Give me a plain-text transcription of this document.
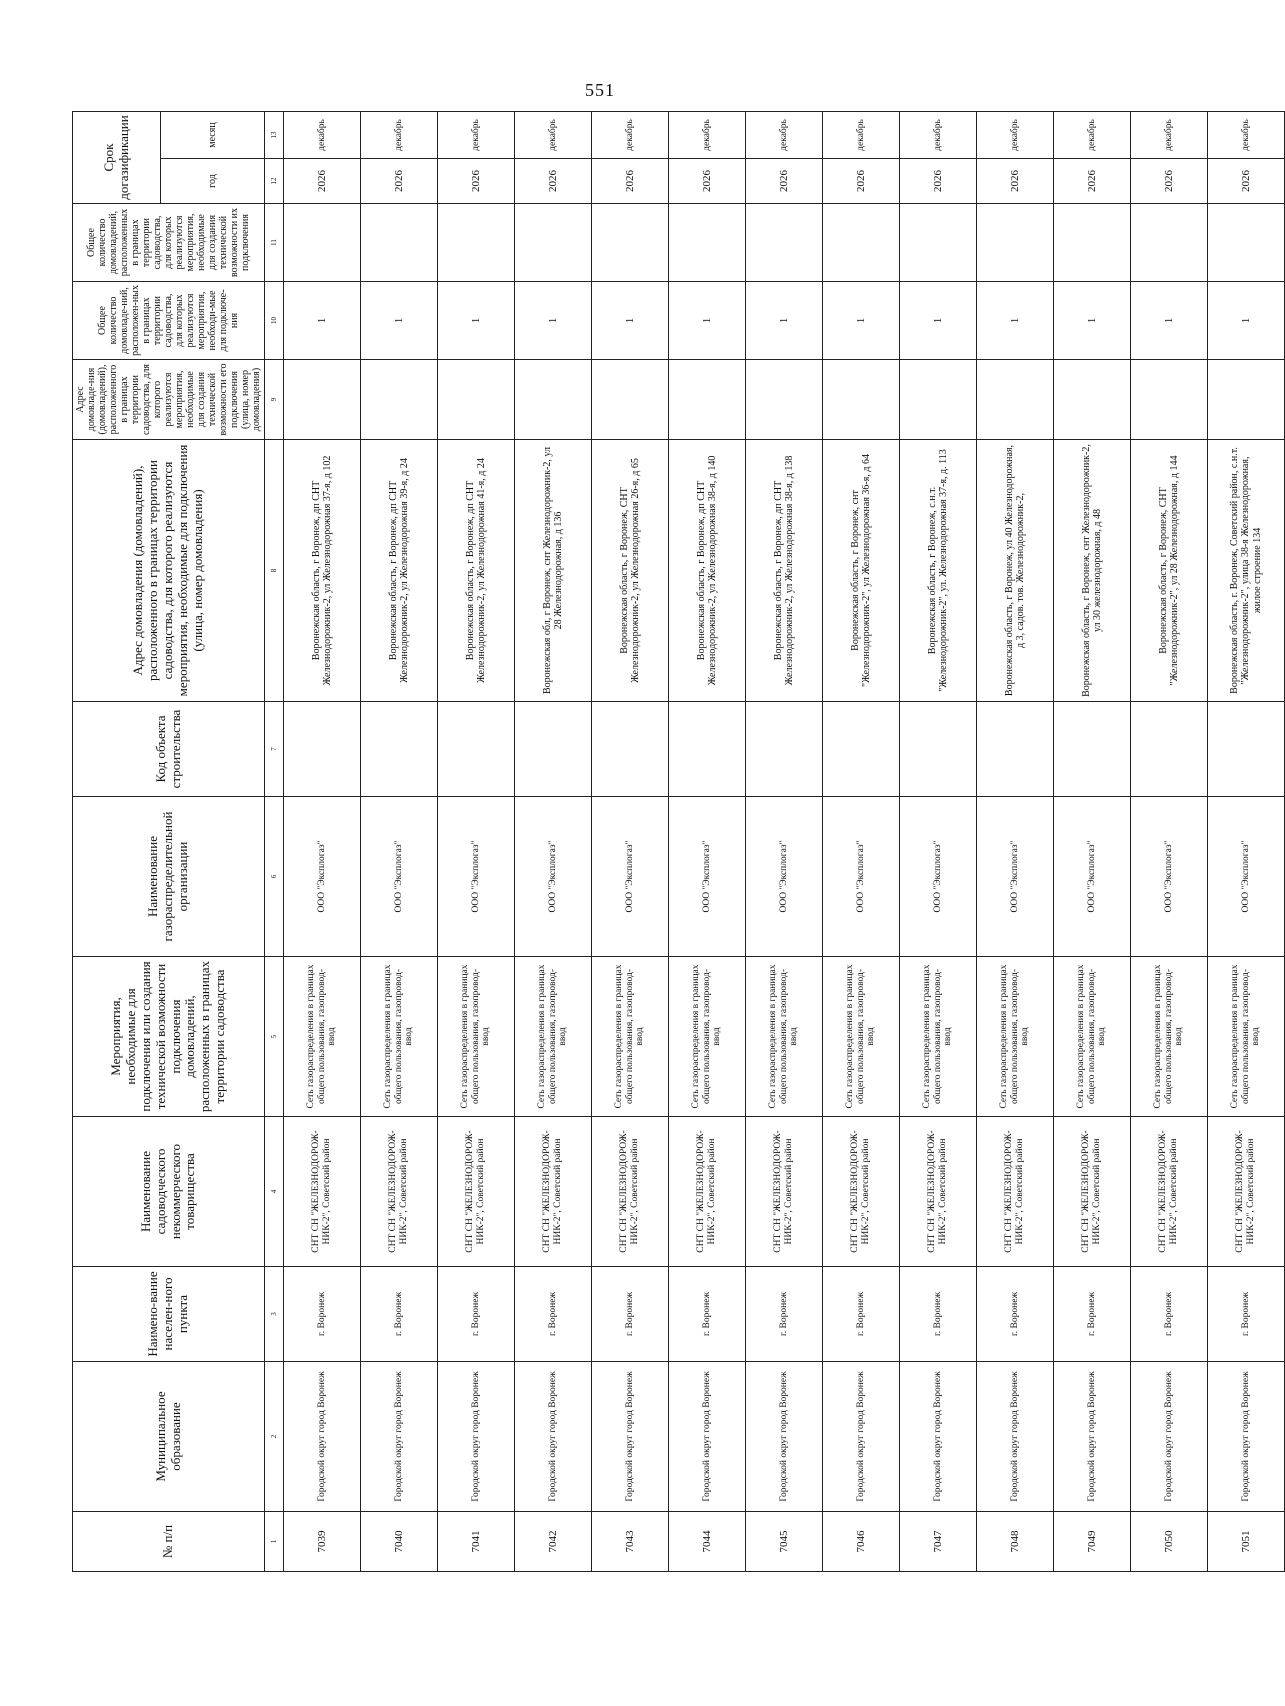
551
№ п/п	Муниципальное образование	Наимено-вание населен-ного пункта	Наименование садоводческого некоммерческого товарищества	Мероприятия, необходимые для подключения или создания технической возможности подключения домовладений, расположенных в границах территории садоводства	Наименование газораспределительной организации	Код объекта строительства	Адрес домовладения (домовладений), расположенного в границах территории садоводства, для которого реализуются мероприятия, необходимые для подключения (улица, номер домовладения)	Адрес домовладе-ния (домовладений), расположенного в границах территории садоводства, для которого реализуются мероприятия, необходимые для создания технической возможности его подключения (улица, номер домовладения)	Общее количество домовладе-ний, расположен-ных в границах территории садоводства, для которых реализуются мероприятия, необходи-мые для подключе-ния	Общее количество домовладений, расположенных в границах территории садоводства, для которых реализуются мероприятия, необходимые для создания технической возможности их подключения	Срок догазификации	
											год	месяц
1	2	3	4	5	6	7	8	9	10	11	12	13
7039	Городской округ город Воронеж	г. Воронеж	СНТ СН "ЖЕЛЕЗНОДОРОЖ-НИК-2", Советский район	Сеть газораспределения в границах общего пользования, газопровод-ввод	ООО "Эксплогаз"		Воронежская область, г Воронеж, дп СНТ Железнодорожник-2, ул Железнодорожная 37-я, д 102		1		2026	декабрь
7040	Городской округ город Воронеж	г. Воронеж	СНТ СН "ЖЕЛЕЗНОДОРОЖ-НИК-2", Советский район	Сеть газораспределения в границах общего пользования, газопровод-ввод	ООО "Эксплогаз"		Воронежская область, г Воронеж, дп СНТ Железнодорожник-2, ул Железнодорожная 39-я, д 24		1		2026	декабрь
7041	Городской округ город Воронеж	г. Воронеж	СНТ СН "ЖЕЛЕЗНОДОРОЖ-НИК-2", Советский район	Сеть газораспределения в границах общего пользования, газопровод-ввод	ООО "Эксплогаз"		Воронежская область, г Воронеж, дп СНТ Железнодорожник-2, ул Железнодорожная 41-я, д 24		1		2026	декабрь
7042	Городской округ город Воронеж	г. Воронеж	СНТ СН "ЖЕЛЕЗНОДОРОЖ-НИК-2", Советский район	Сеть газораспределения в границах общего пользования, газопровод-ввод	ООО "Эксплогаз"		Воронежская обл, г Воронеж, снт Железнодорожник-2, ул 28 Железнодорожная, д 136		1		2026	декабрь
7043	Городской округ город Воронеж	г. Воронеж	СНТ СН "ЖЕЛЕЗНОДОРОЖ-НИК-2", Советский район	Сеть газораспределения в границах общего пользования, газопровод-ввод	ООО "Эксплогаз"		Воронежская область, г Воронеж, СНТ Железнодорожник-2, ул Железнодорожная 26-я, д 65		1		2026	декабрь
7044	Городской округ город Воронеж	г. Воронеж	СНТ СН "ЖЕЛЕЗНОДОРОЖ-НИК-2", Советский район	Сеть газораспределения в границах общего пользования, газопровод-ввод	ООО "Эксплогаз"		Воронежская область, г Воронеж, дп СНТ Железнодорожник-2, ул Железнодорожная 38-я, д 140		1		2026	декабрь
7045	Городской округ город Воронеж	г. Воронеж	СНТ СН "ЖЕЛЕЗНОДОРОЖ-НИК-2", Советский район	Сеть газораспределения в границах общего пользования, газопровод-ввод	ООО "Эксплогаз"		Воронежская область, г Воронеж, дп СНТ Железнодорожник-2, ул Железнодорожная 38-я, д 138		1		2026	декабрь
7046	Городской округ город Воронеж	г. Воронеж	СНТ СН "ЖЕЛЕЗНОДОРОЖ-НИК-2", Советский район	Сеть газораспределения в границах общего пользования, газопровод-ввод	ООО "Эксплогаз"		Воронежская область, г Воронеж, снт "Железнодорожник-2", ул Железнодорожная 36-я, д 64		1		2026	декабрь
7047	Городской округ город Воронеж	г. Воронеж	СНТ СН "ЖЕЛЕЗНОДОРОЖ-НИК-2", Советский район	Сеть газораспределения в границах общего пользования, газопровод-ввод	ООО "Эксплогаз"		Воронежская область, г Воронеж, с.н.т. "Железнодорожник-2", ул. Железнодорожная 37-я, д. 113		1		2026	декабрь
7048	Городской округ город Воронеж	г. Воронеж	СНТ СН "ЖЕЛЕЗНОДОРОЖ-НИК-2", Советский район	Сеть газораспределения в границах общего пользования, газопровод-ввод	ООО "Эксплогаз"		Воронежская область, г Воронеж, ул 40 Железнодорожная, д 3, садов. тов. Железнодорожник-2,		1		2026	декабрь
7049	Городской округ город Воронеж	г. Воронеж	СНТ СН "ЖЕЛЕЗНОДОРОЖ-НИК-2", Советский район	Сеть газораспределения в границах общего пользования, газопровод-ввод	ООО "Эксплогаз"		Воронежская область, г Воронеж, снт Железнодорожник-2, ул 30 железнодорожная, д 48		1		2026	декабрь
7050	Городской округ город Воронеж	г. Воронеж	СНТ СН "ЖЕЛЕЗНОДОРОЖ-НИК-2", Советский район	Сеть газораспределения в границах общего пользования, газопровод-ввод	ООО "Эксплогаз"		Воронежская область, г Воронеж, СНТ "Железнодорожник-2", ул 28 Железнодорожная, д 144		1		2026	декабрь
7051	Городской округ город Воронеж	г. Воронеж	СНТ СН "ЖЕЛЕЗНОДОРОЖ-НИК-2", Советский район	Сеть газораспределения в границах общего пользования, газопровод-ввод	ООО "Эксплогаз"		Воронежская область, г. Воронеж, Советский район, с.н.т. "Железнодорожник-2", улица 38-я Железнодорожная, жилое строение 134		1		2026	декабрь
